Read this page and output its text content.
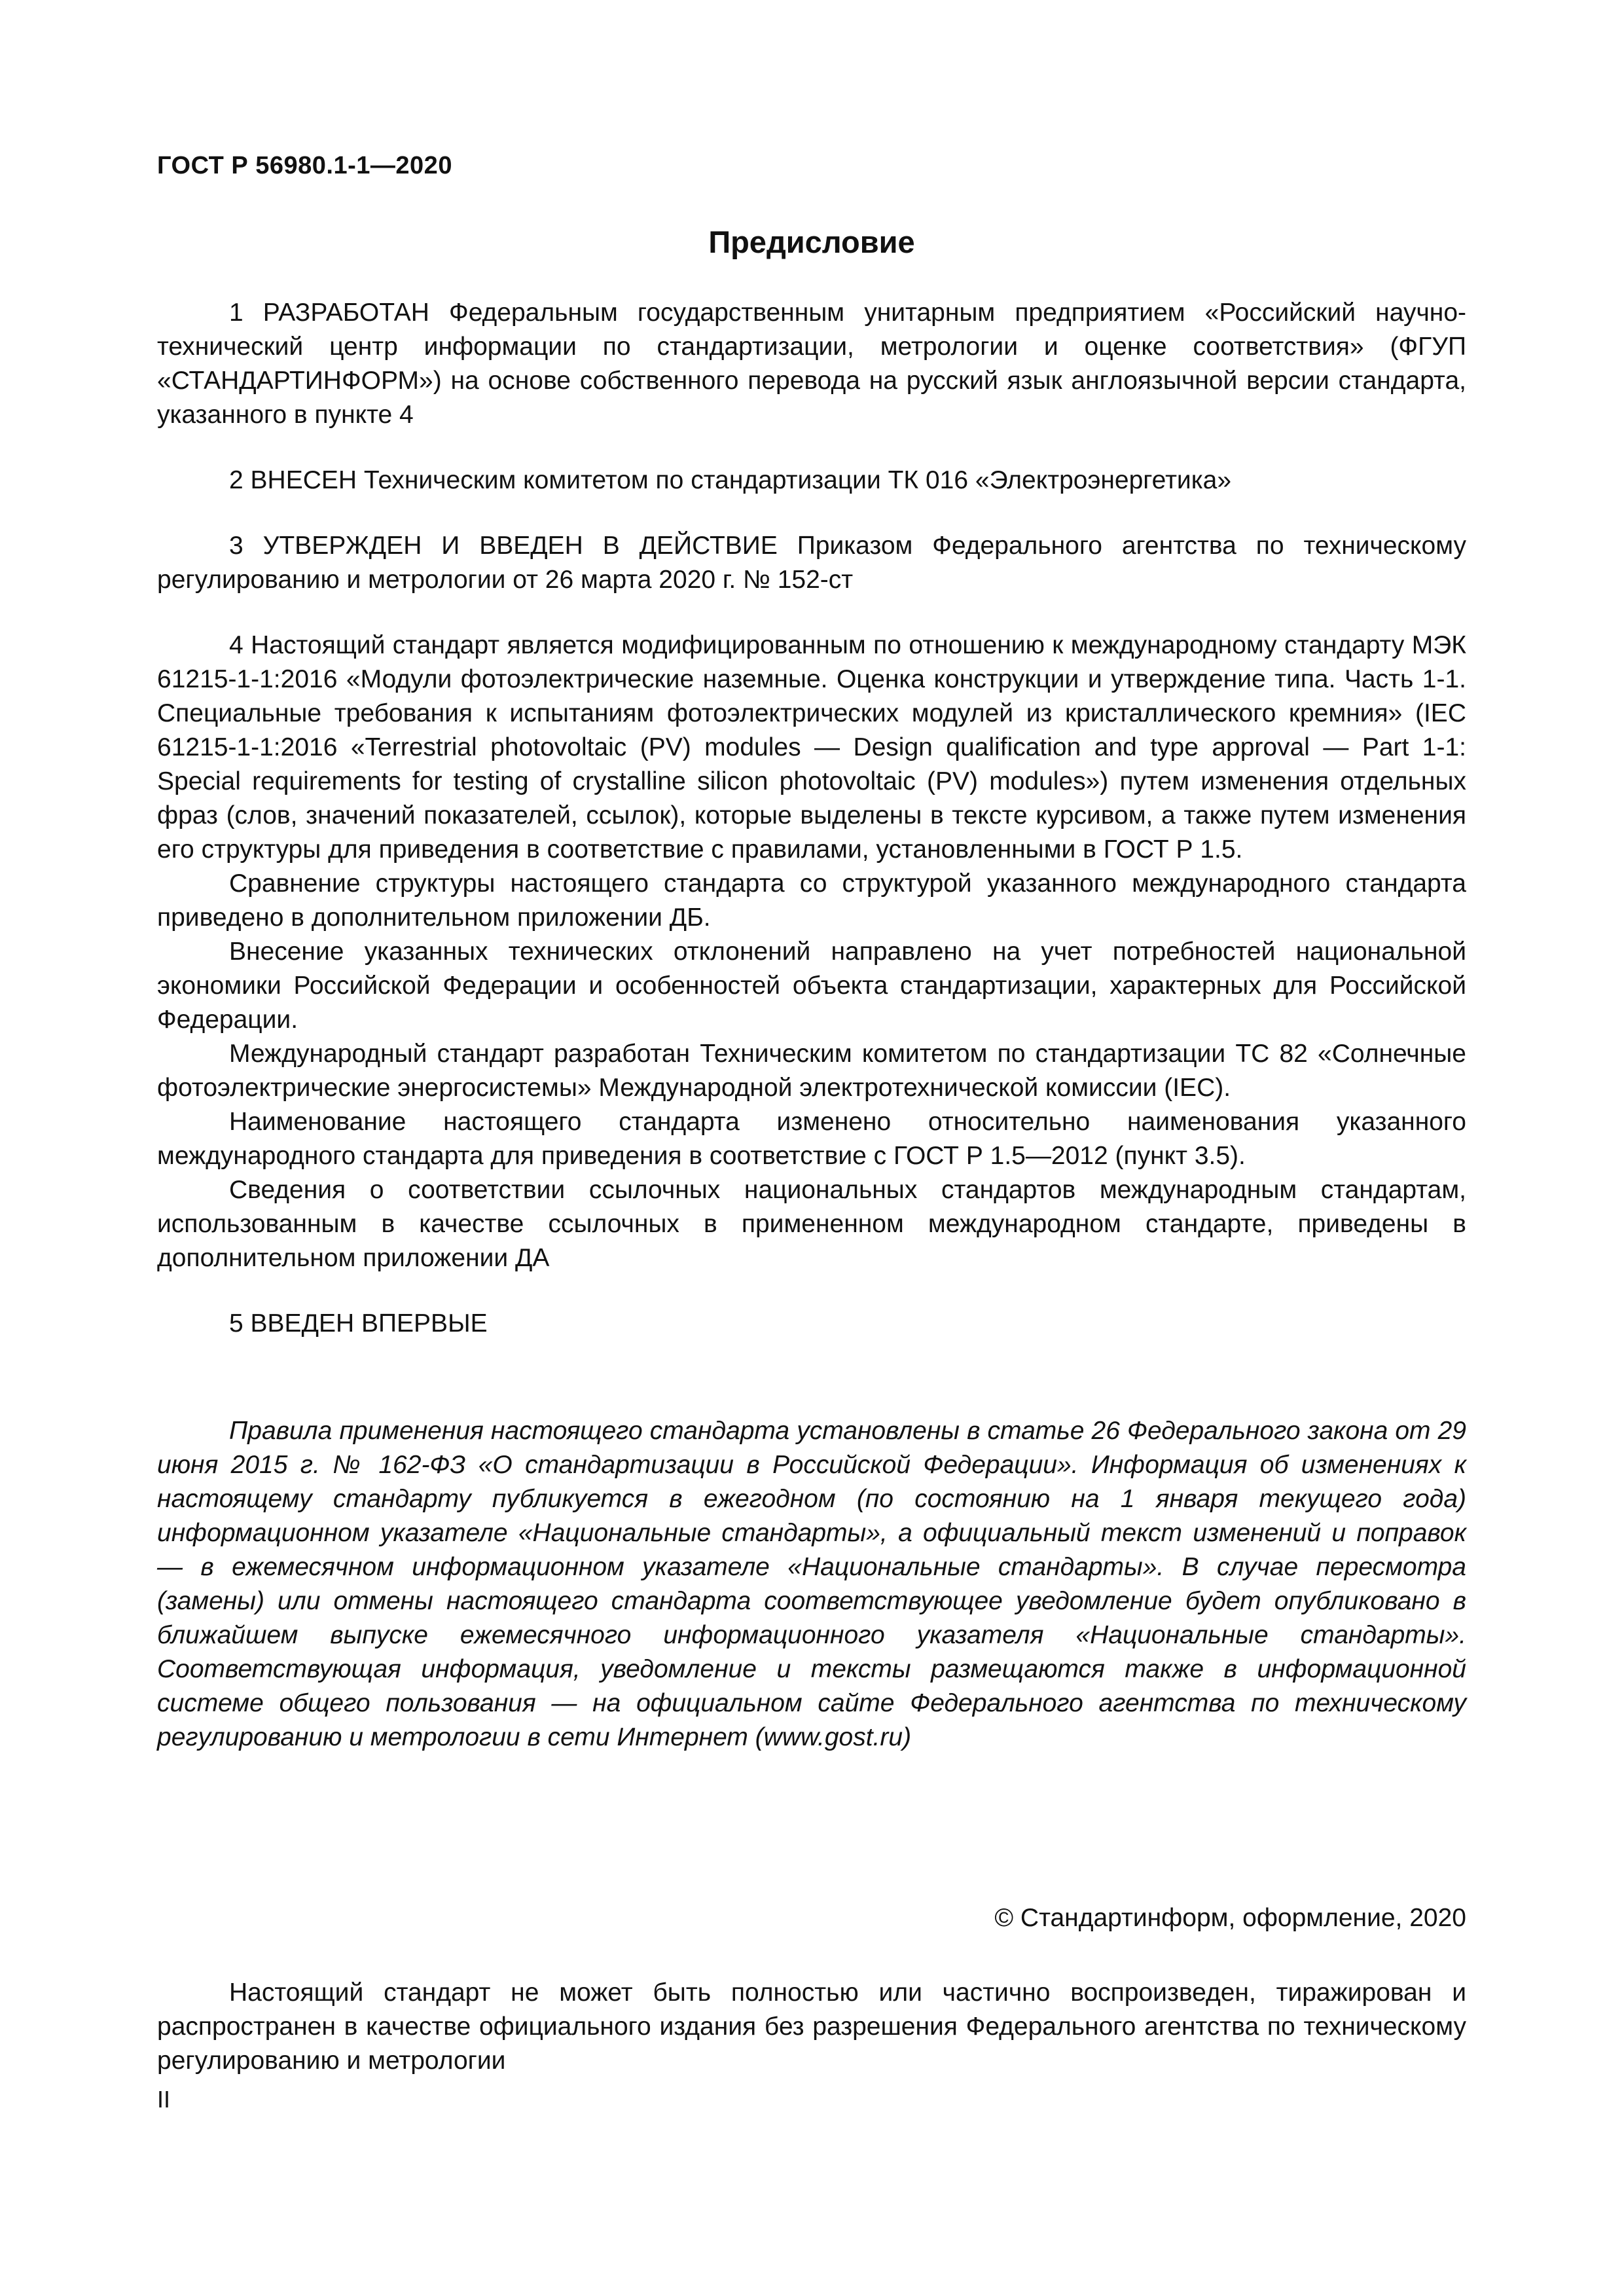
ГОСТ Р 56980.1-1—2020
Предисловие

1 РАЗРАБОТАН Федеральным государственным унитарным предприятием «Российский научно-технический центр информации по стандартизации, метрологии и оценке соответствия» (ФГУП «СТАНДАРТИНФОРМ») на основе собственного перевода на русский язык англоязычной версии стандарта, указанного в пункте 4

2 ВНЕСЕН Техническим комитетом по стандартизации ТК 016 «Электроэнергетика»

3 УТВЕРЖДЕН И ВВЕДЕН В ДЕЙСТВИЕ Приказом Федерального агентства по техническому регулированию и метрологии от 26 марта 2020 г. № 152-ст

4 Настоящий стандарт является модифицированным по отношению к международному стандарту МЭК 61215-1-1:2016 «Модули фотоэлектрические наземные. Оценка конструкции и утверждение типа. Часть 1-1. Специальные требования к испытаниям фотоэлектрических модулей из кристаллического кремния» (IEC 61215-1-1:2016 «Terrestrial photovoltaic (PV) modules — Design qualification and type approval — Part 1-1: Special requirements for testing of crystalline silicon photovoltaic (PV) modules») путем изменения отдельных фраз (слов, значений показателей, ссылок), которые выделены в тексте курсивом, а также путем изменения его структуры для приведения в соответствие с правилами, установленными в ГОСТ Р 1.5.

Сравнение структуры настоящего стандарта со структурой указанного международного стандарта приведено в дополнительном приложении ДБ.

Внесение указанных технических отклонений направлено на учет потребностей национальной экономики Российской Федерации и особенностей объекта стандартизации, характерных для Российской Федерации.

Международный стандарт разработан Техническим комитетом по стандартизации ТС 82 «Солнечные фотоэлектрические энергосистемы» Международной электротехнической комиссии (IEC).

Наименование настоящего стандарта изменено относительно наименования указанного международного стандарта для приведения в соответствие с ГОСТ Р 1.5—2012 (пункт 3.5).

Сведения о соответствии ссылочных национальных стандартов международным стандартам, использованным в качестве ссылочных в примененном международном стандарте, приведены в дополнительном приложении ДА

5 ВВЕДЕН ВПЕРВЫЕ

Правила применения настоящего стандарта установлены в статье 26 Федерального закона от 29 июня 2015 г. № 162-ФЗ «О стандартизации в Российской Федерации». Информация об изменениях к настоящему стандарту публикуется в ежегодном (по состоянию на 1 января текущего года) информационном указателе «Национальные стандарты», а официальный текст изменений и поправок — в ежемесячном информационном указателе «Национальные стандарты». В случае пересмотра (замены) или отмены настоящего стандарта соответствующее уведомление будет опубликовано в ближайшем выпуске ежемесячного информационного указателя «Национальные стандарты». Соответствующая информация, уведомление и тексты размещаются также в информационной системе общего пользования — на официальном сайте Федерального агентства по техническому регулированию и метрологии в сети Интернет (www.gost.ru)

© Стандартинформ, оформление, 2020

Настоящий стандарт не может быть полностью или частично воспроизведен, тиражирован и распространен в качестве официального издания без разрешения Федерального агентства по техническому регулированию и метрологии

II
